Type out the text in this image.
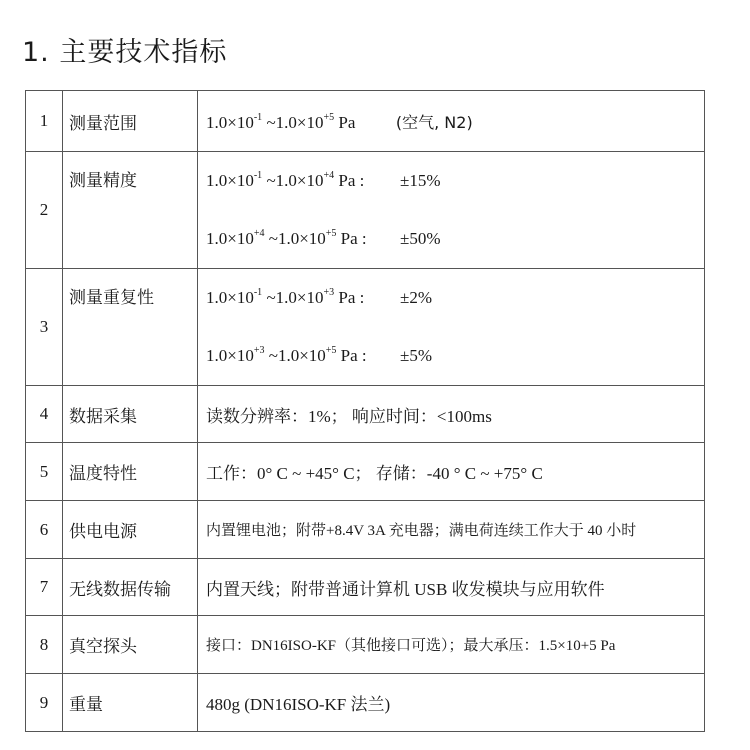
1. 主要技术指标
1	测量范围	$1.0\times 10^{-1}$ $\sim 1.0\times 10^{+5}$ Pa (空气, N2)

2	测量精度	$1.0\times 10^{-1}$ $\sim 1.0\times 10^{+4}$ Pa : ±15%
$1.0\times 10^{+4}$ $\sim 1.0\times 10^{+5}$ Pa : ±50%

3	测量重复性	$1.0\times 10^{-1}$ $\sim 1.0\times 10^{+3}$ Pa : ±2%
$1.0\times 10^{+3}$ $\sim 1.0\times 10^{+5}$ Pa : ±5%

4	数据采集	读数分辨率：1%； 响应时间：<100ms
5	温度特性	工作：0° C ~ +45° C； 存储：-40 ° C ~ +75° C
6	供电电源	内置锂电池；附带+8.4V 3A 充电器；满电荷连续工作大于 40 小时
7	无线数据传输	内置天线；附带普通计算机 USB 收发模块与应用软件
8	真空探头	接口：DN16ISO-KF（其他接口可选）；最大承压：1.5×10+5 Pa
9	重量	480g (DN16ISO-KF 法兰)
